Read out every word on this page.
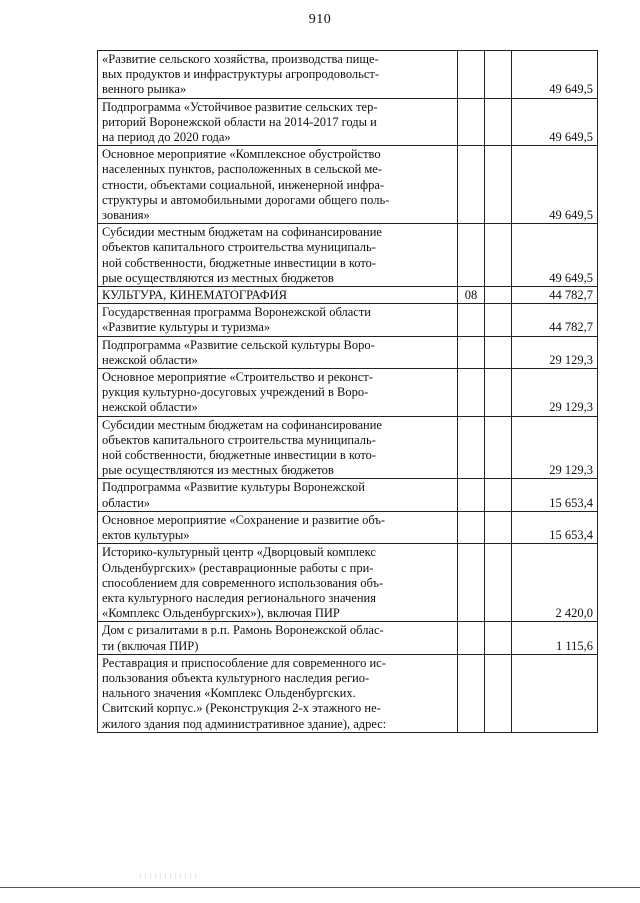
910
«Развитие сельского хозяйства, производства пище-
вых продуктов и инфраструктуры агропродовольст-
венного рынка»			49 649,5

Подпрограмма «Устойчивое развитие сельских тер-
риторий Воронежской области на 2014-2017 годы и
на период до 2020 года»			49 649,5

Основное мероприятие «Комплексное обустройство
населенных пунктов, расположенных в сельской ме-
стности, объектами социальной, инженерной инфра-
структуры и автомобильными дорогами общего поль-
зования»			49 649,5

Субсидии местным бюджетам на софинансирование
объектов капитального строительства муниципаль-
ной собственности, бюджетные инвестиции в кото-
рые осуществляются из местных бюджетов			49 649,5

КУЛЬТУРА, КИНЕМАТОГРАФИЯ	08		44 782,7

Государственная программа Воронежской области
«Развитие культуры и туризма»			44 782,7

Подпрограмма «Развитие сельской культуры Воро-
нежской области»			29 129,3

Основное мероприятие «Строительство и реконст-
рукция культурно-досуговых учреждений в Воро-
нежской области»			29 129,3

Субсидии местным бюджетам на софинансирование
объектов капитального строительства муниципаль-
ной собственности, бюджетные инвестиции в кото-
рые осуществляются из местных бюджетов			29 129,3

Подпрограмма «Развитие культуры Воронежской
области»			15 653,4

Основное мероприятие «Сохранение и развитие объ-
ектов культуры»			15 653,4

Историко-культурный центр «Дворцовый комплекс
Ольденбургских» (реставрационные работы с при-
способлением для современного использования объ-
екта культурного наследия регионального значения
«Комплекс Ольденбургских»), включая ПИР			2 420,0

Дом с ризалитами в р.п. Рамонь Воронежской облас-
ти (включая ПИР)			1 115,6

Реставрация и приспособление для современного ис-
пользования объекта культурного наследия регио-
нального значения «Комплекс Ольденбургских.
Свитский корпус.» (Реконструкция 2-х этажного не-
жилого здания под административное здание), адрес:			
